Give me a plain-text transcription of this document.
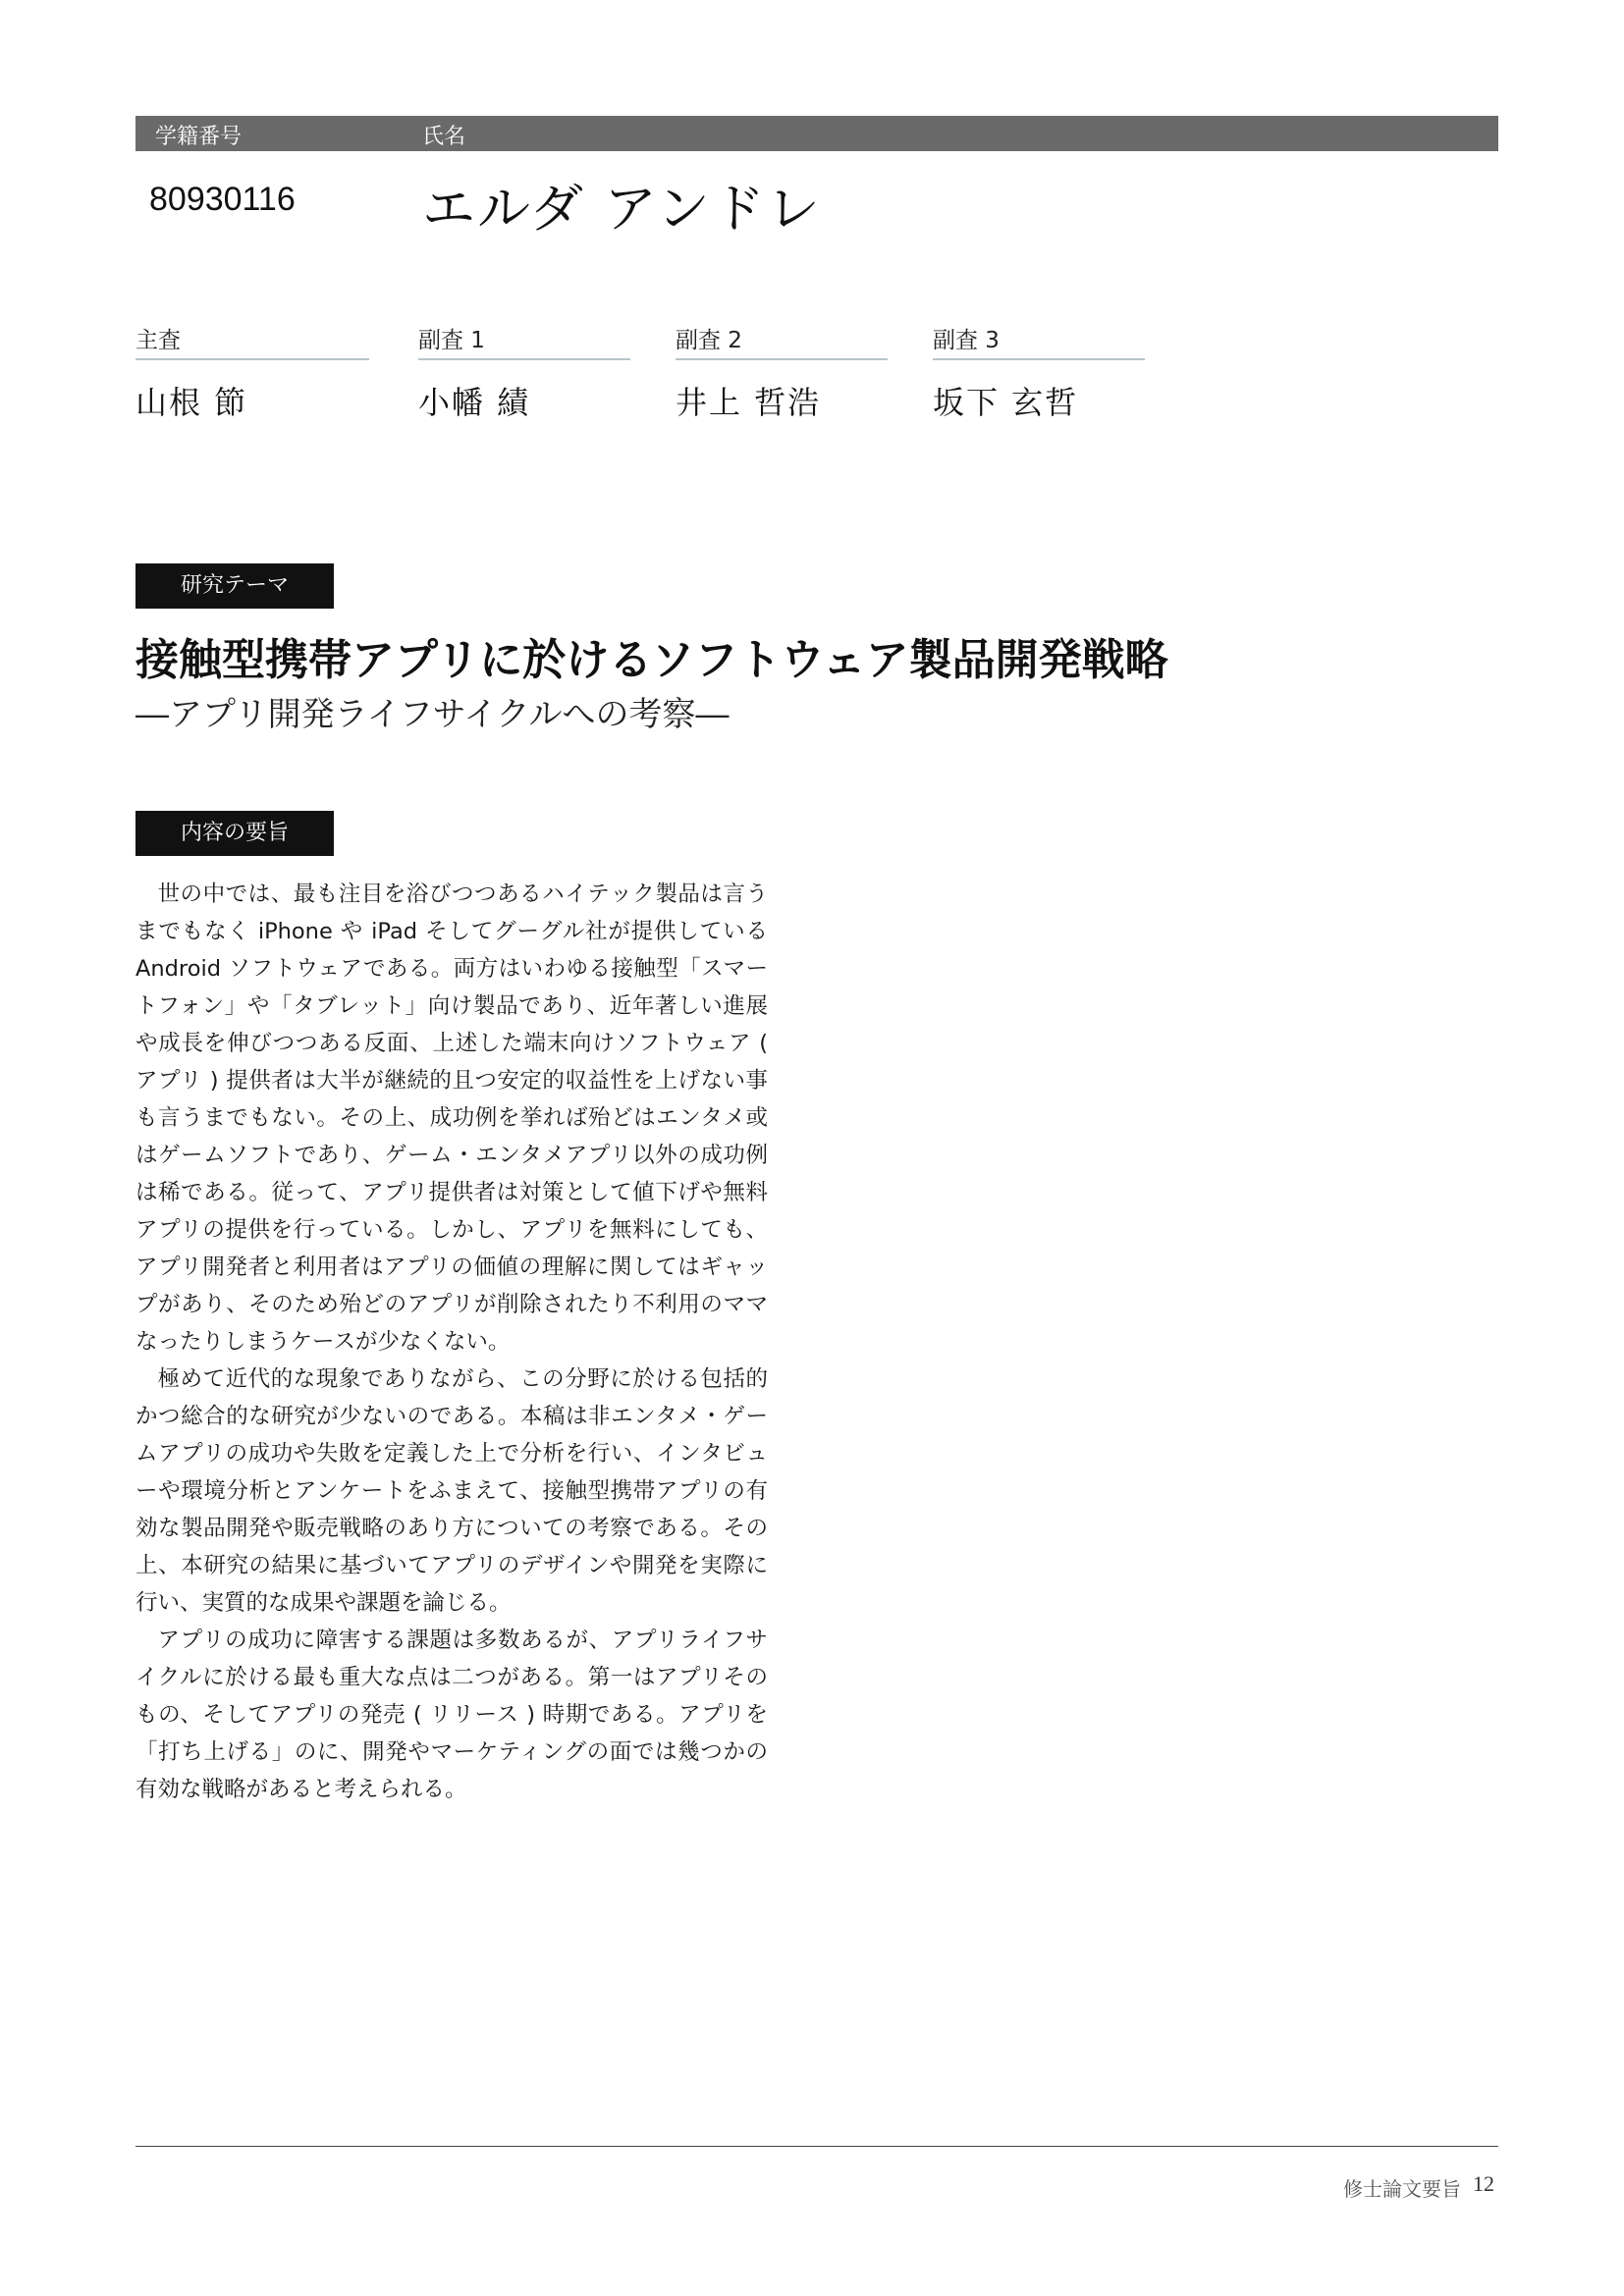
学籍番号	氏名
80930116 エルダ アンドレ
主査
山根 節
副査 1
小幡 績
副査 2
井上 哲浩
副査 3
坂下 玄哲
研究テーマ
接触型携帯アプリに於けるソフトウェア製品開発戦略
―アプリ開発ライフサイクルへの考察―
内容の要旨

世の中では、最も注目を浴びつつあるハイテック製品は言うまでもなく iPhone や iPad そしてグーグル社が提供している Android ソフトウェアである。両方はいわゆる接触型「スマートフォン」や「タブレット」向け製品であり、近年著しい進展や成長を伸びつつある反面、上述した端末向けソフトウェア ( アプリ ) 提供者は大半が継続的且つ安定的収益性を上げない事も言うまでもない。その上、成功例を挙れば殆どはエンタメ或はゲームソフトであり、ゲーム・エンタメアプリ以外の成功例は稀である。従って、アプリ提供者は対策として値下げや無料アプリの提供を行っている。しかし、アプリを無料にしても、アプリ開発者と利用者はアプリの価値の理解に関してはギャップがあり、そのため殆どのアプリが削除されたり不利用のママなったりしまうケースが少なくない。

極めて近代的な現象でありながら、この分野に於ける包括的かつ総合的な研究が少ないのである。本稿は非エンタメ・ゲームアプリの成功や失敗を定義した上で分析を行い、インタビューや環境分析とアンケートをふまえて、接触型携帯アプリの有効な製品開発や販売戦略のあり方についての考察である。その上、本研究の結果に基づいてアプリのデザインや開発を実際に行い、実質的な成果や課題を論じる。

アプリの成功に障害する課題は多数あるが、アプリライフサイクルに於ける最も重大な点は二つがある。第一はアプリそのもの、そしてアプリの発売 ( リリース ) 時期である。アプリを「打ち上げる」のに、開発やマーケティングの面では幾つかの有効な戦略があると考えられる。

修士論文要旨 12
